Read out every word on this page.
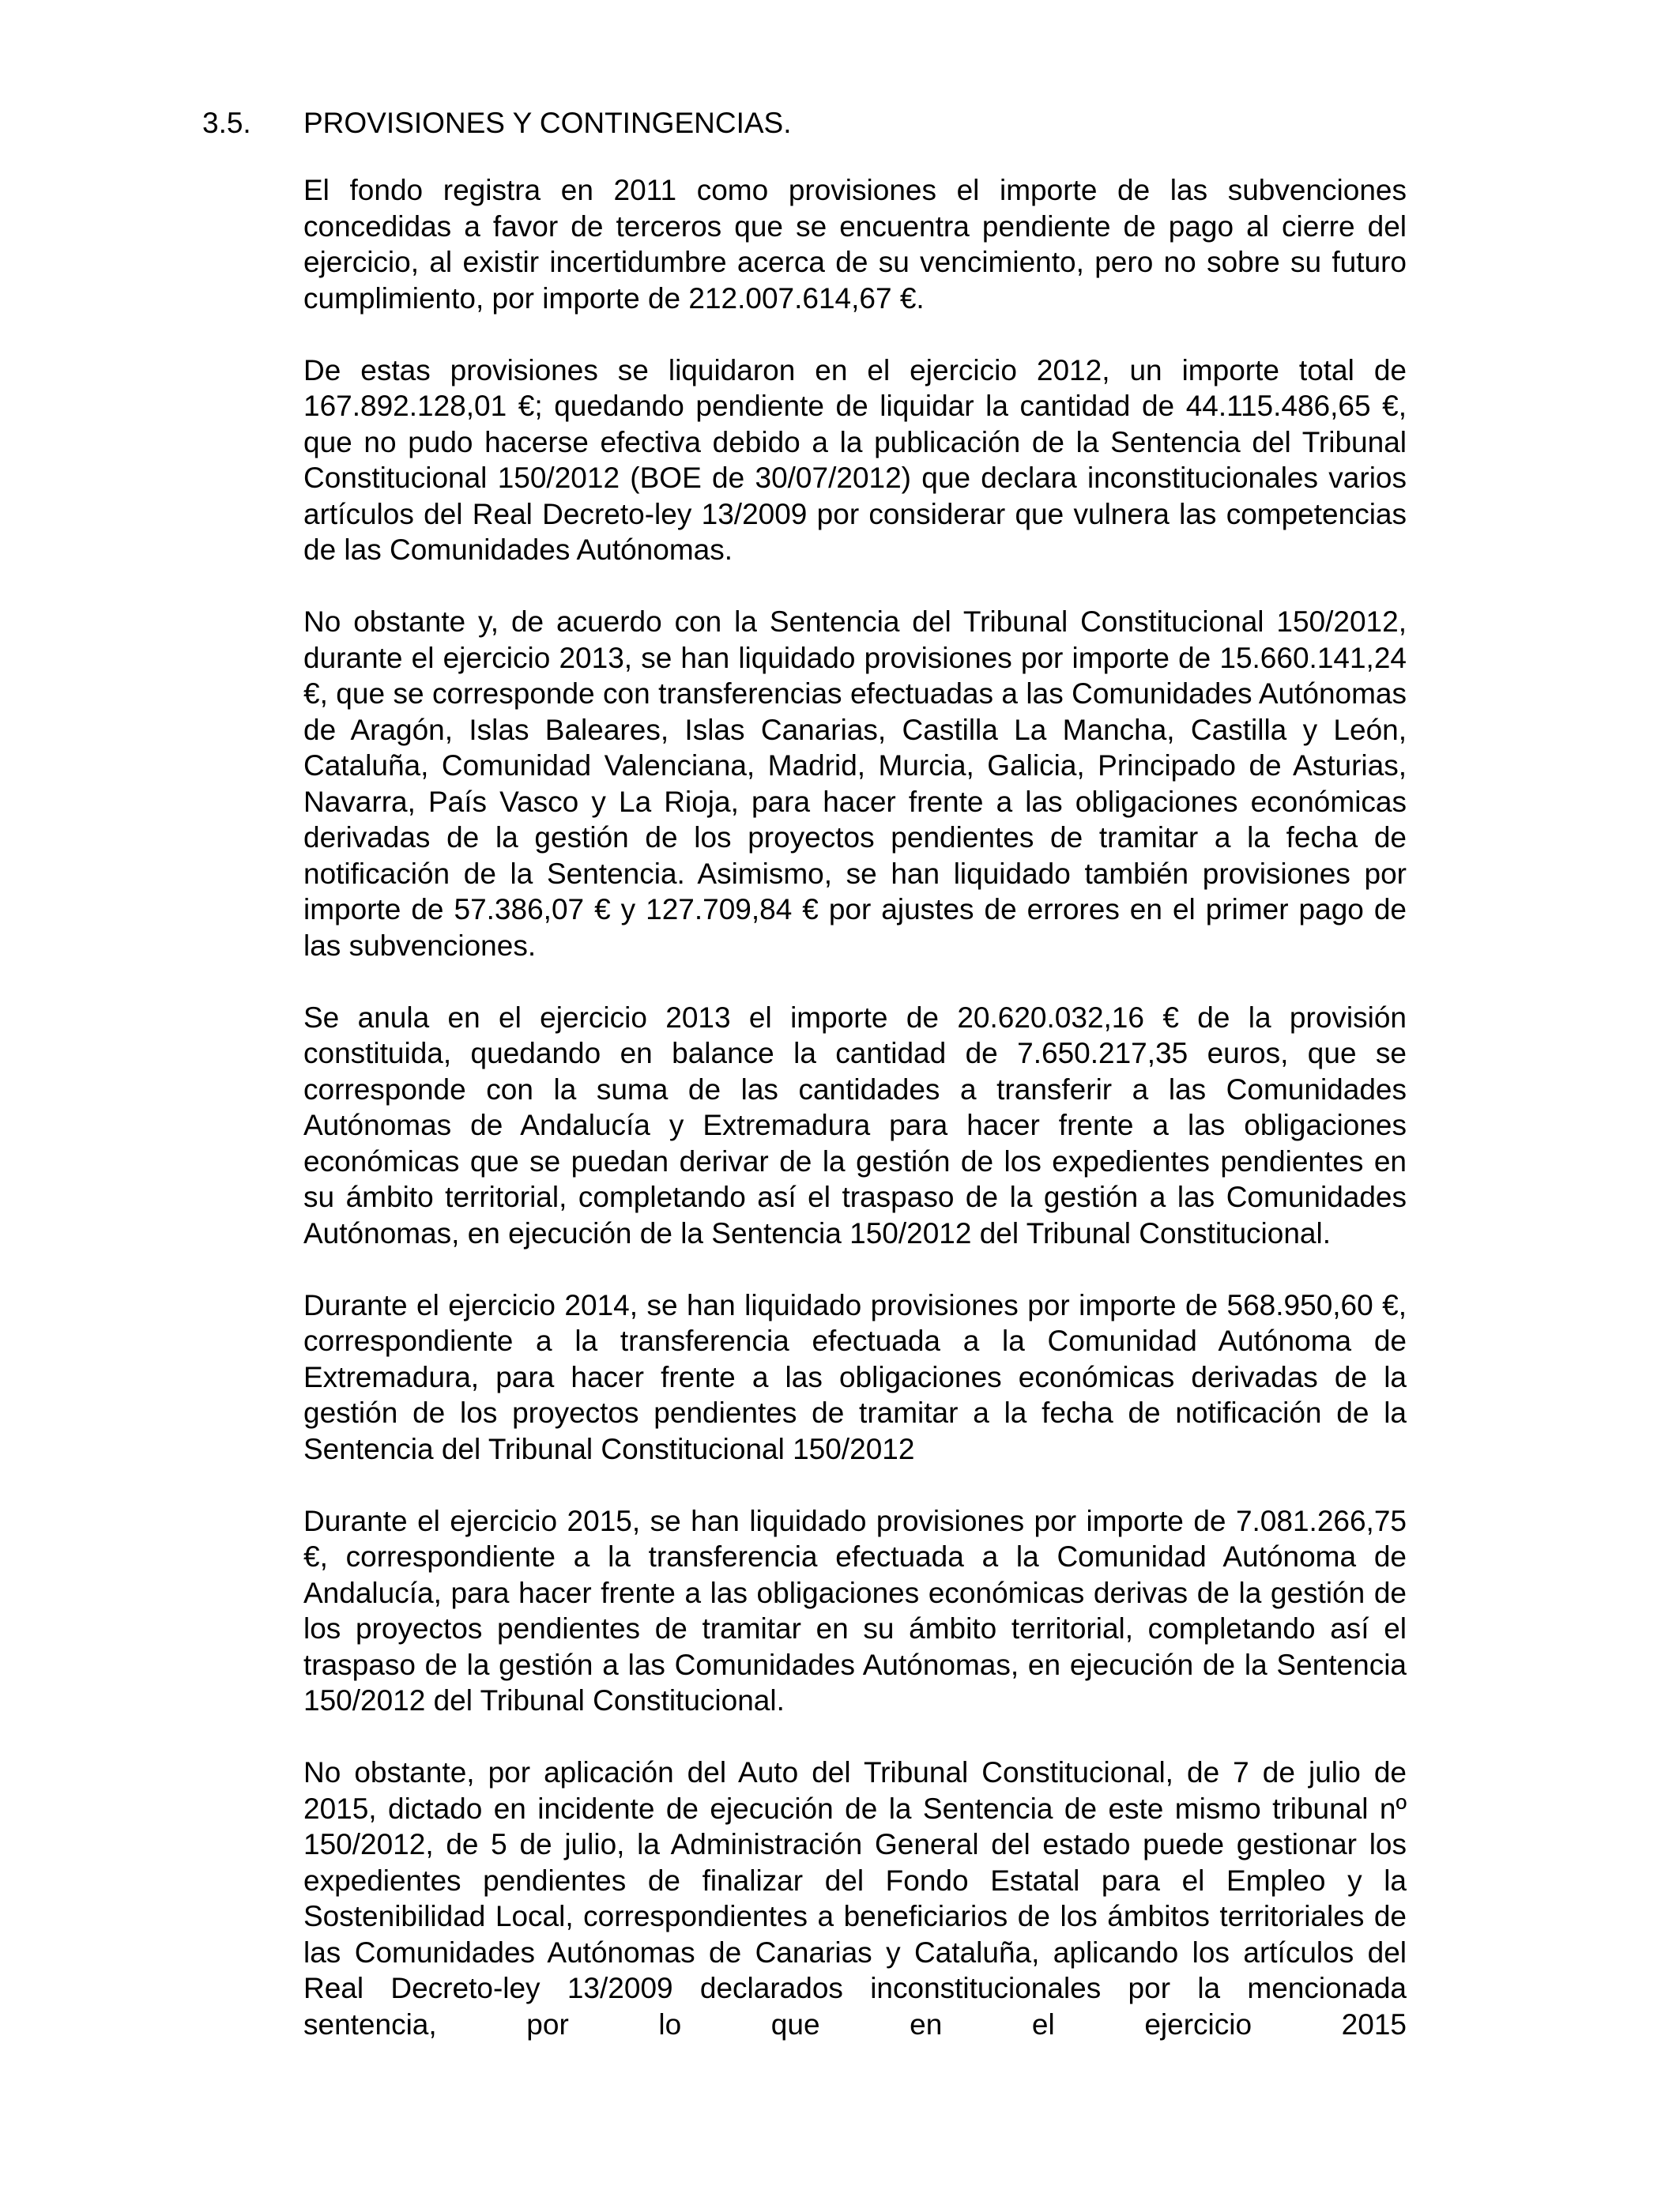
3.5. PROVISIONES Y CONTINGENCIAS.

El fondo registra en 2011 como provisiones el importe de las subvenciones concedidas a favor de terceros que se encuentra pendiente de pago al cierre del ejercicio, al existir incertidumbre acerca de su vencimiento, pero no sobre su futuro cumplimiento, por importe de 212.007.614,67 €.

De estas provisiones se liquidaron en el ejercicio 2012, un importe total de 167.892.128,01 €; quedando pendiente de liquidar la cantidad de 44.115.486,65 €, que no pudo hacerse efectiva debido a la publicación de la Sentencia del Tribunal Constitucional 150/2012 (BOE de 30/07/2012) que declara inconstitucionales varios artículos del Real Decreto-ley 13/2009 por considerar que vulnera las competencias de las Comunidades Autónomas.

No obstante y, de acuerdo con la Sentencia del Tribunal Constitucional 150/2012, durante el ejercicio 2013, se han liquidado provisiones por importe de 15.660.141,24 €, que se corresponde con transferencias efectuadas a las Comunidades Autónomas de Aragón, Islas Baleares, Islas Canarias, Castilla La Mancha, Castilla y León, Cataluña, Comunidad Valenciana, Madrid, Murcia, Galicia, Principado de Asturias, Navarra, País Vasco y La Rioja, para hacer frente a las obligaciones económicas derivadas de la gestión de los proyectos pendientes de tramitar a la fecha de notificación de la Sentencia. Asimismo, se han liquidado también provisiones por importe de 57.386,07 € y 127.709,84 € por ajustes de errores en el primer pago de las subvenciones.

Se anula en el ejercicio 2013 el importe de 20.620.032,16 € de la provisión constituida, quedando en balance la cantidad de 7.650.217,35 euros, que se corresponde con la suma de las cantidades a transferir a las Comunidades Autónomas de Andalucía y Extremadura para hacer frente a las obligaciones económicas que se puedan derivar de la gestión de los expedientes pendientes en su ámbito territorial, completando así el traspaso de la gestión a las Comunidades Autónomas, en ejecución de la Sentencia 150/2012 del Tribunal Constitucional.

Durante el ejercicio 2014, se han liquidado provisiones por importe de 568.950,60 €, correspondiente a la transferencia efectuada a la Comunidad Autónoma de Extremadura, para hacer frente a las obligaciones económicas derivadas de la gestión de los proyectos pendientes de tramitar a la fecha de notificación de la Sentencia del Tribunal Constitucional 150/2012

Durante el ejercicio 2015, se han liquidado provisiones por importe de 7.081.266,75 €, correspondiente a la transferencia efectuada a la Comunidad Autónoma de Andalucía, para hacer frente a las obligaciones económicas derivas de la gestión de los proyectos pendientes de tramitar en su ámbito territorial, completando así el traspaso de la gestión a las Comunidades Autónomas, en ejecución de la Sentencia 150/2012 del Tribunal Constitucional.

No obstante, por aplicación del Auto del Tribunal Constitucional, de 7 de julio de 2015, dictado en incidente de ejecución de la Sentencia de este mismo tribunal nº 150/2012, de 5 de julio, la Administración General del estado puede gestionar los expedientes pendientes de finalizar del Fondo Estatal para el Empleo y la Sostenibilidad Local, correspondientes a beneficiarios de los ámbitos territoriales de las Comunidades Autónomas de Canarias y Cataluña, aplicando los artículos del Real Decreto-ley 13/2009 declarados inconstitucionales por la mencionada sentencia, por lo que en el ejercicio 2015
